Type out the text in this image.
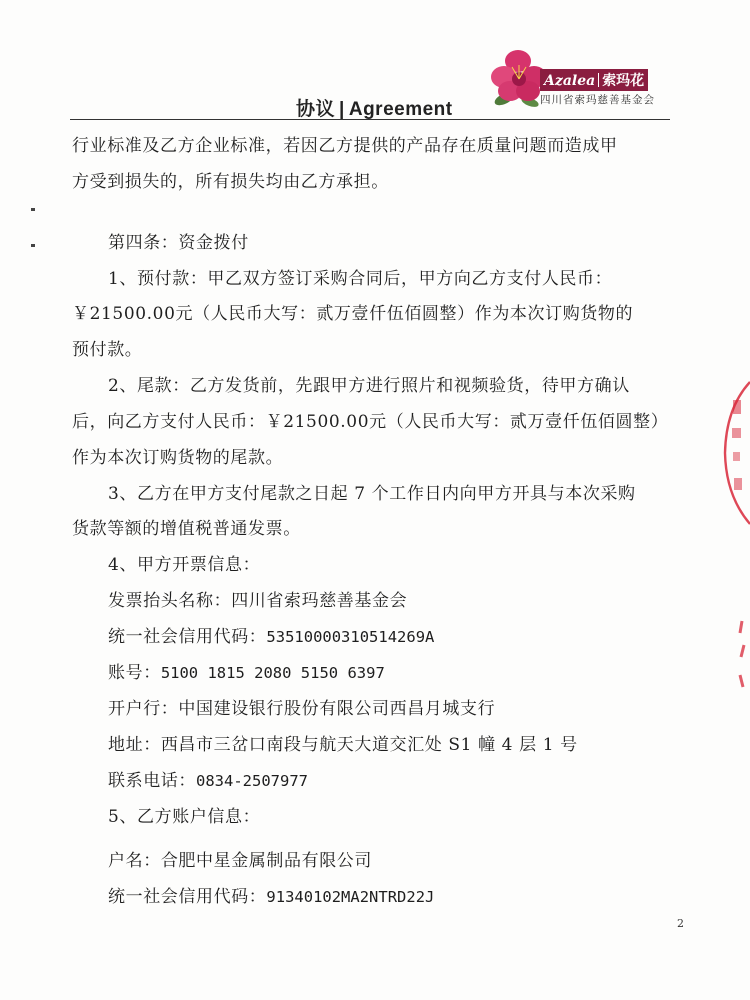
Azalea 索玛花
四川省索玛慈善基金会
协议 | Agreement
行业标准及乙方企业标准，若因乙方提供的产品存在质量问题而造成甲
方受到损失的，所有损失均由乙方承担。
第四条：资金拨付
1、预付款：甲乙双方签订采购合同后，甲方向乙方支付人民币：
￥21500.00元（人民币大写：贰万壹仟伍佰圆整）作为本次订购货物的
预付款。
2、尾款：乙方发货前，先跟甲方进行照片和视频验货，待甲方确认
后，向乙方支付人民币：￥21500.00元（人民币大写：贰万壹仟伍佰圆整）
作为本次订购货物的尾款。
3、乙方在甲方支付尾款之日起 7 个工作日内向甲方开具与本次采购
货款等额的增值税普通发票。
4、甲方开票信息：
发票抬头名称：四川省索玛慈善基金会
统一社会信用代码：53510000310514269A
账号：5100 1815 2080 5150 6397
开户行：中国建设银行股份有限公司西昌月城支行
地址：西昌市三岔口南段与航天大道交汇处 S1 幢 4 层 1 号
联系电话：0834-2507977
5、乙方账户信息：
户名：合肥中星金属制品有限公司
统一社会信用代码：91340102MA2NTRD22J
2
